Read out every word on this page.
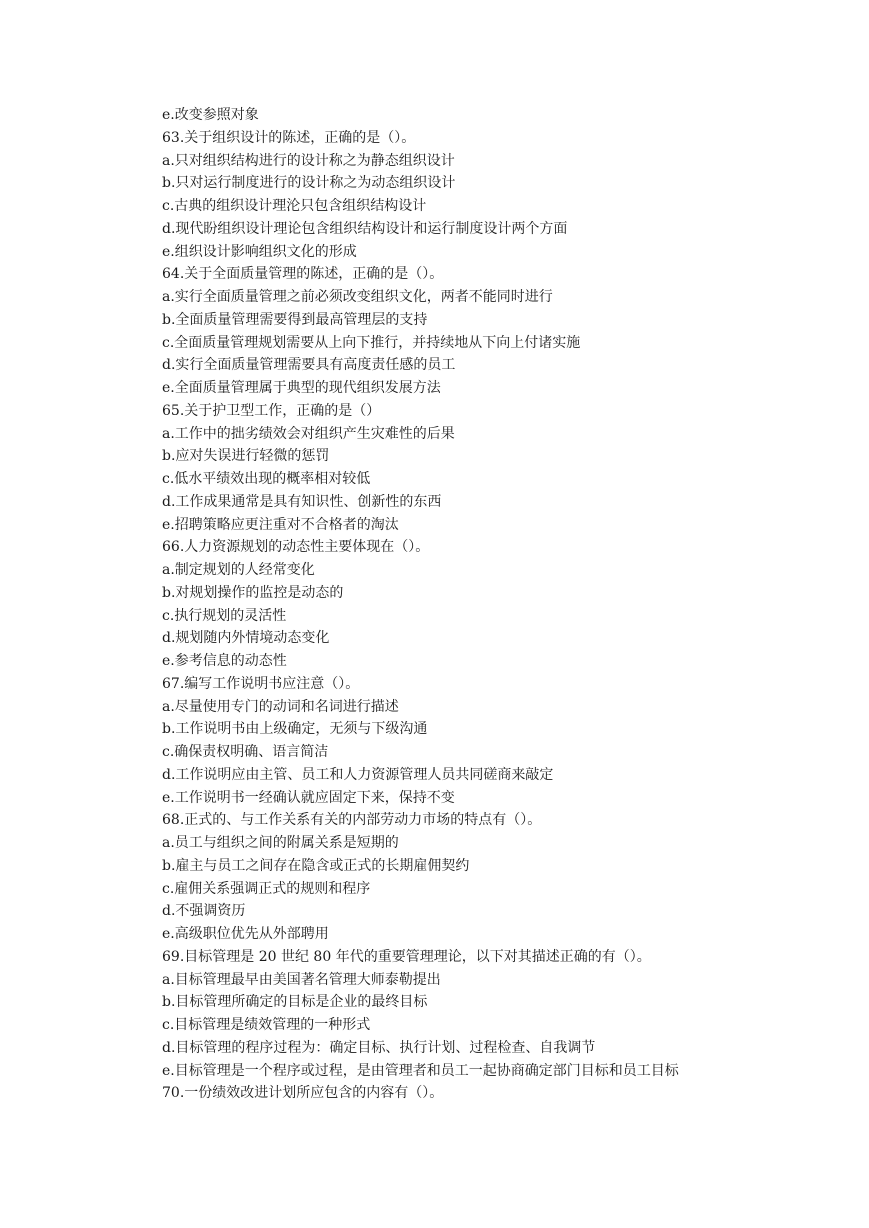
e.改变参照对象

63.关于组织设计的陈述，正确的是（）。

a.只对组织结构进行的设计称之为静态组织设计

b.只对运行制度进行的设计称之为动态组织设计

c.古典的组织设计理沦只包含组织结构设计

d.现代盼组织设计理论包含组织结构设计和运行制度设计两个方面

e.组织设计影响组织文化的形成

64.关于全面质量管理的陈述，正确的是（）。

a.实行全面质量管理之前必须改变组织文化，两者不能同时进行

b.全面质量管理需要得到最高管理层的支持

c.全面质量管理规划需要从上向下推行，并持续地从下向上付诸实施

d.实行全面质量管理需要具有高度责任感的员工

e.全面质量管理属于典型的现代组织发展方法

65.关于护卫型工作，正确的是（）

a.工作中的拙劣绩效会对组织产生灾难性的后果

b.应对失误进行轻微的惩罚

c.低水平绩效出现的概率相对较低

d.工作成果通常是具有知识性、创新性的东西

e.招聘策略应更注重对不合格者的淘汰

66.人力资源规划的动态性主要体现在（）。

a.制定规划的人经常变化

b.对规划操作的监控是动态的

c.执行规划的灵活性

d.规划随内外情境动态变化

e.参考信息的动态性

67.编写工作说明书应注意（）。

a.尽量使用专门的动词和名词进行描述

b.工作说明书由上级确定，无须与下级沟通

c.确保责权明确、语言简洁

d.工作说明应由主管、员工和人力资源管理人员共同磋商来敲定

e.工作说明书一经确认就应固定下来，保持不变

68.正式的、与工作关系有关的内部劳动力市场的特点有（）。

a.员工与组织之间的附属关系是短期的

b.雇主与员工之间存在隐含或正式的长期雇佣契约

c.雇佣关系强调正式的规则和程序

d.不强调资历

e.高级职位优先从外部聘用

69.目标管理是 20 世纪 80 年代的重要管理理论，以下对其描述正确的有（）。

a.目标管理最早由美国著名管理大师泰勒提出

b.目标管理所确定的目标是企业的最终目标

c.目标管理是绩效管理的一种形式

d.目标管理的程序过程为：确定目标、执行计划、过程检查、自我调节

e.目标管理是一个程序或过程，是由管理者和员工一起协商确定部门目标和员工目标

70.一份绩效改进计划所应包含的内容有（）。
